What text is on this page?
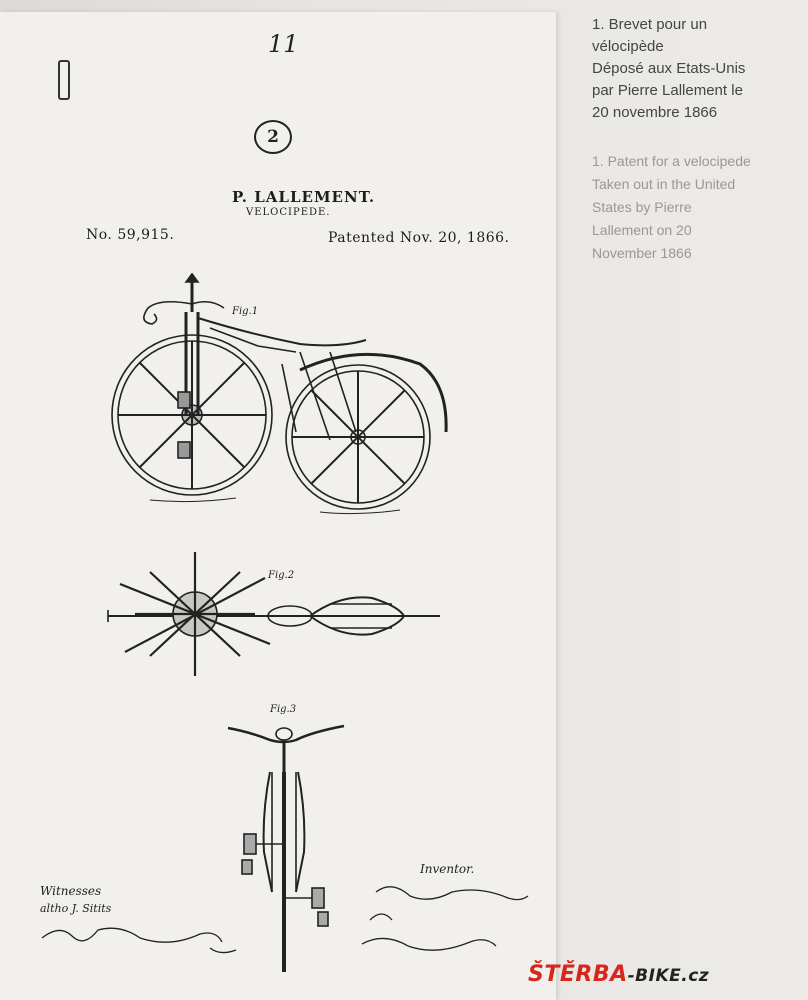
11
2
P. LALLEMENT.
VELOCIPEDE.
No. 59,915.	Patented Nov. 20, 1866.
Fig.1
Fig.2
Fig.3
Witnesses
altho J. Sitits
Inventor.
1. Brevet pour un
vélocipède
Déposé aux Etats-Unis
par Pierre Lallement le
20 novembre 1866
1. Patent for a velocipede
Taken out in the United
States by Pierre
Lallement on 20
November 1866
ŠTĚRBA-BIKE.cz
